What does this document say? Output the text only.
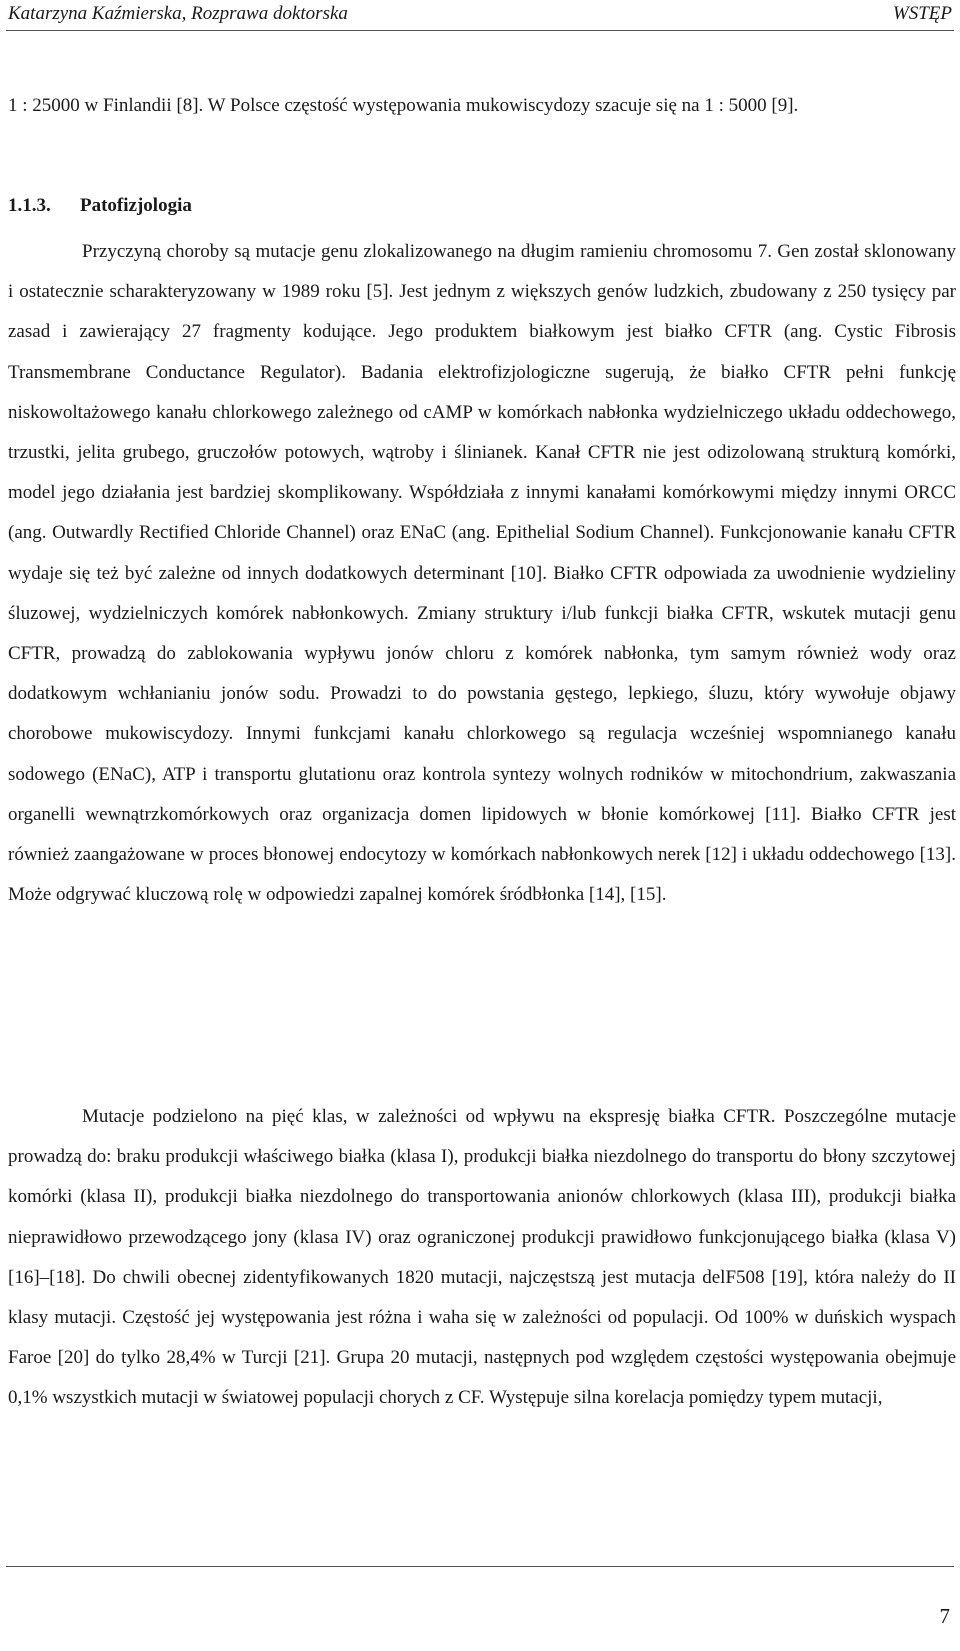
Katarzyna Kaźmierska, Rozprawa doktorska	WSTĘP

1 : 25000 w Finlandii [8]. W Polsce częstość występowania mukowiscydozy szacuje się na 1 : 5000 [9].

1.1.3. Patofizjologia

Przyczyną choroby są mutacje genu zlokalizowanego na długim ramieniu chromosomu 7. Gen został sklonowany i ostatecznie scharakteryzowany w 1989 roku [5]. Jest jednym z większych genów ludzkich, zbudowany z 250 tysięcy par zasad i zawierający 27 fragmenty kodujące. Jego produktem białkowym jest białko CFTR (ang. Cystic Fibrosis Transmembrane Conductance Regulator). Badania elektrofizjologiczne sugerują, że białko CFTR pełni funkcję niskowoltażowego kanału chlorkowego zależnego od cAMP w komórkach nabłonka wydzielniczego układu oddechowego, trzustki, jelita grubego, gruczołów potowych, wątroby i ślinianek. Kanał CFTR nie jest odizolowaną strukturą komórki, model jego działania jest bardziej skomplikowany. Współdziała z innymi kanałami komórkowymi między innymi ORCC (ang. Outwardly Rectified Chloride Channel) oraz ENaC (ang. Epithelial Sodium Channel). Funkcjonowanie kanału CFTR wydaje się też być zależne od innych dodatkowych determinant [10]. Białko CFTR odpowiada za uwodnienie wydzieliny śluzowej, wydzielniczych komórek nabłonkowych. Zmiany struktury i/lub funkcji białka CFTR, wskutek mutacji genu CFTR, prowadzą do zablokowania wypływu jonów chloru z komórek nabłonka, tym samym również wody oraz dodatkowym wchłanianiu jonów sodu. Prowadzi to do powstania gęstego, lepkiego, śluzu, który wywołuje objawy chorobowe mukowiscydozy. Innymi funkcjami kanału chlorkowego są regulacja wcześniej wspomnianego kanału sodowego (ENaC), ATP i transportu glutationu oraz kontrola syntezy wolnych rodników w mitochondrium, zakwaszania organelli wewnątrzkomórkowych oraz organizacja domen lipidowych w błonie komórkowej [11]. Białko CFTR jest również zaangażowane w proces błonowej endocytozy w komórkach nabłonkowych nerek [12] i układu oddechowego [13]. Może odgrywać kluczową rolę w odpowiedzi zapalnej komórek śródbłonka [14], [15].

Mutacje podzielono na pięć klas, w zależności od wpływu na ekspresję białka CFTR. Poszczególne mutacje prowadzą do: braku produkcji właściwego białka (klasa I), produkcji białka niezdolnego do transportu do błony szczytowej komórki (klasa II), produkcji białka niezdolnego do transportowania anionów chlorkowych (klasa III), produkcji białka nieprawidłowo przewodzącego jony (klasa IV) oraz ograniczonej produkcji prawidłowo funkcjonującego białka (klasa V) [16]–[18]. Do chwili obecnej zidentyfikowanych 1820 mutacji, najczęstszą jest mutacja delF508 [19], która należy do II klasy mutacji. Częstość jej występowania jest różna i waha się w zależności od populacji. Od 100% w duńskich wyspach Faroe [20] do tylko 28,4% w Turcji [21]. Grupa 20 mutacji, następnych pod względem częstości występowania obejmuje 0,1% wszystkich mutacji w światowej populacji chorych z CF. Występuje silna korelacja pomiędzy typem mutacji,

7
